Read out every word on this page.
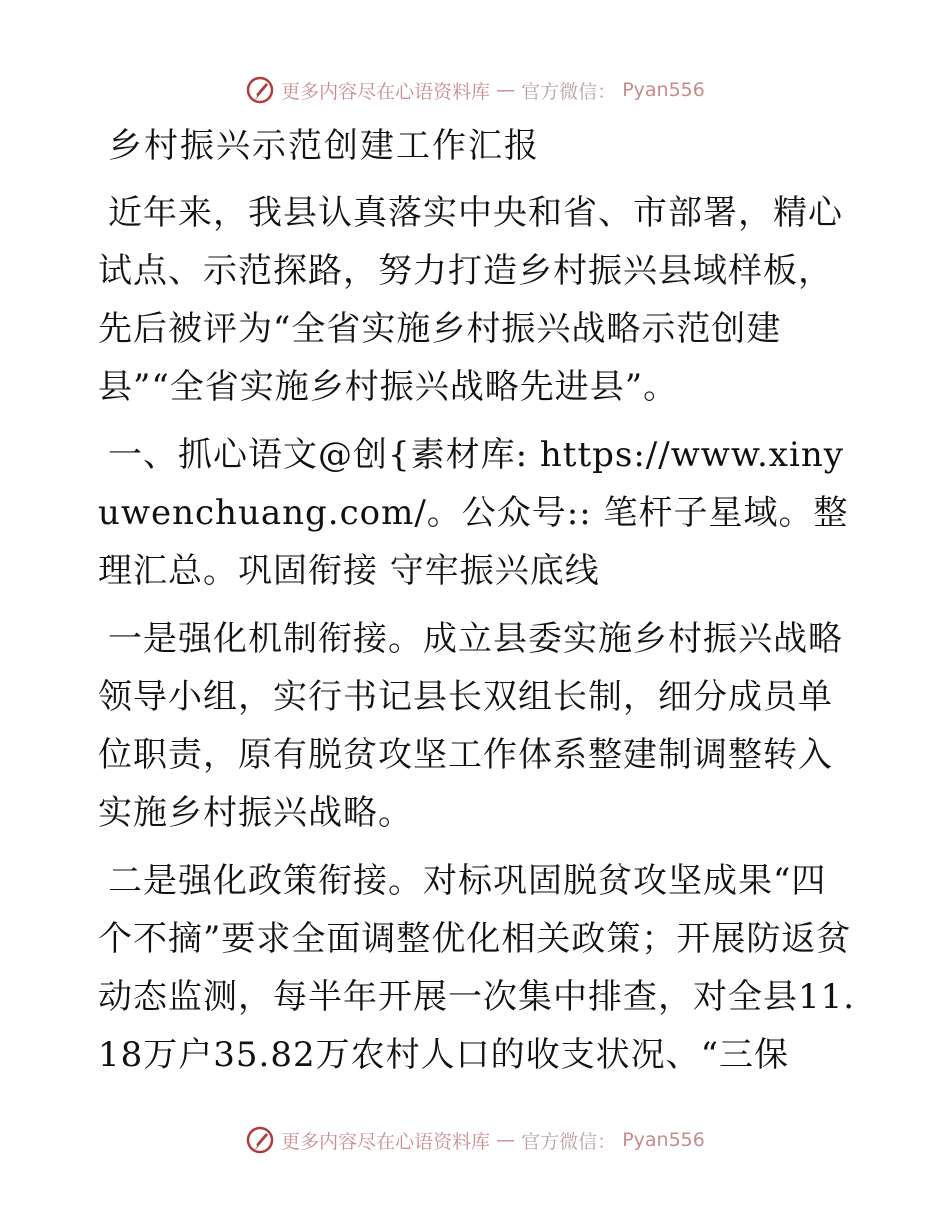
更多内容尽在心语资料库 — 官方微信： Pyan556
乡村振兴示范创建工作汇报

近年来，我县认真落实中央和省、市部署，精心试点、示范探路，努力打造乡村振兴县域样板，先后被评为“全省实施乡村振兴战略示范创建县”“全省实施乡村振兴战略先进县”。

一、抓心语文@创{素材库: https://www.xinyuwenchuang.com/。公众号:: 笔杆子星域。整理汇总。巩固衔接 守牢振兴底线

一是强化机制衔接。成立县委实施乡村振兴战略领导小组，实行书记县长双组长制，细分成员单位职责，原有脱贫攻坚工作体系整建制调整转入实施乡村振兴战略。

二是强化政策衔接。对标巩固脱贫攻坚成果“四个不摘”要求全面调整优化相关政策；开展防返贫动态监测，每半年开展一次集中排查，对全县11.18万户35.82万农村人口的收支状况、“三保

更多内容尽在心语资料库 — 官方微信： Pyan556
